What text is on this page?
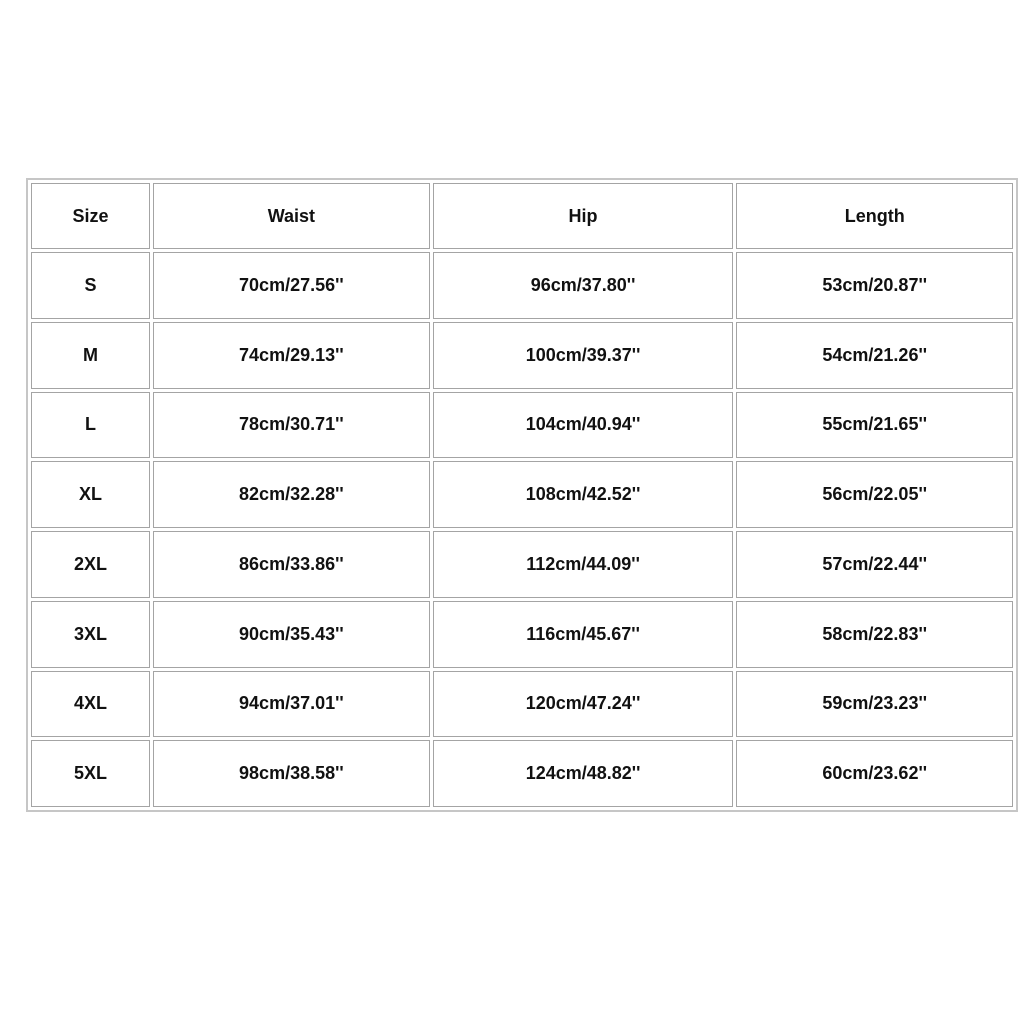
Size	Waist	Hip	Length
S	70cm/27.56''	96cm/37.80''	53cm/20.87''
M	74cm/29.13''	100cm/39.37''	54cm/21.26''
L	78cm/30.71''	104cm/40.94''	55cm/21.65''
XL	82cm/32.28''	108cm/42.52''	56cm/22.05''
2XL	86cm/33.86''	112cm/44.09''	57cm/22.44''
3XL	90cm/35.43''	116cm/45.67''	58cm/22.83''
4XL	94cm/37.01''	120cm/47.24''	59cm/23.23''
5XL	98cm/38.58''	124cm/48.82''	60cm/23.62''
